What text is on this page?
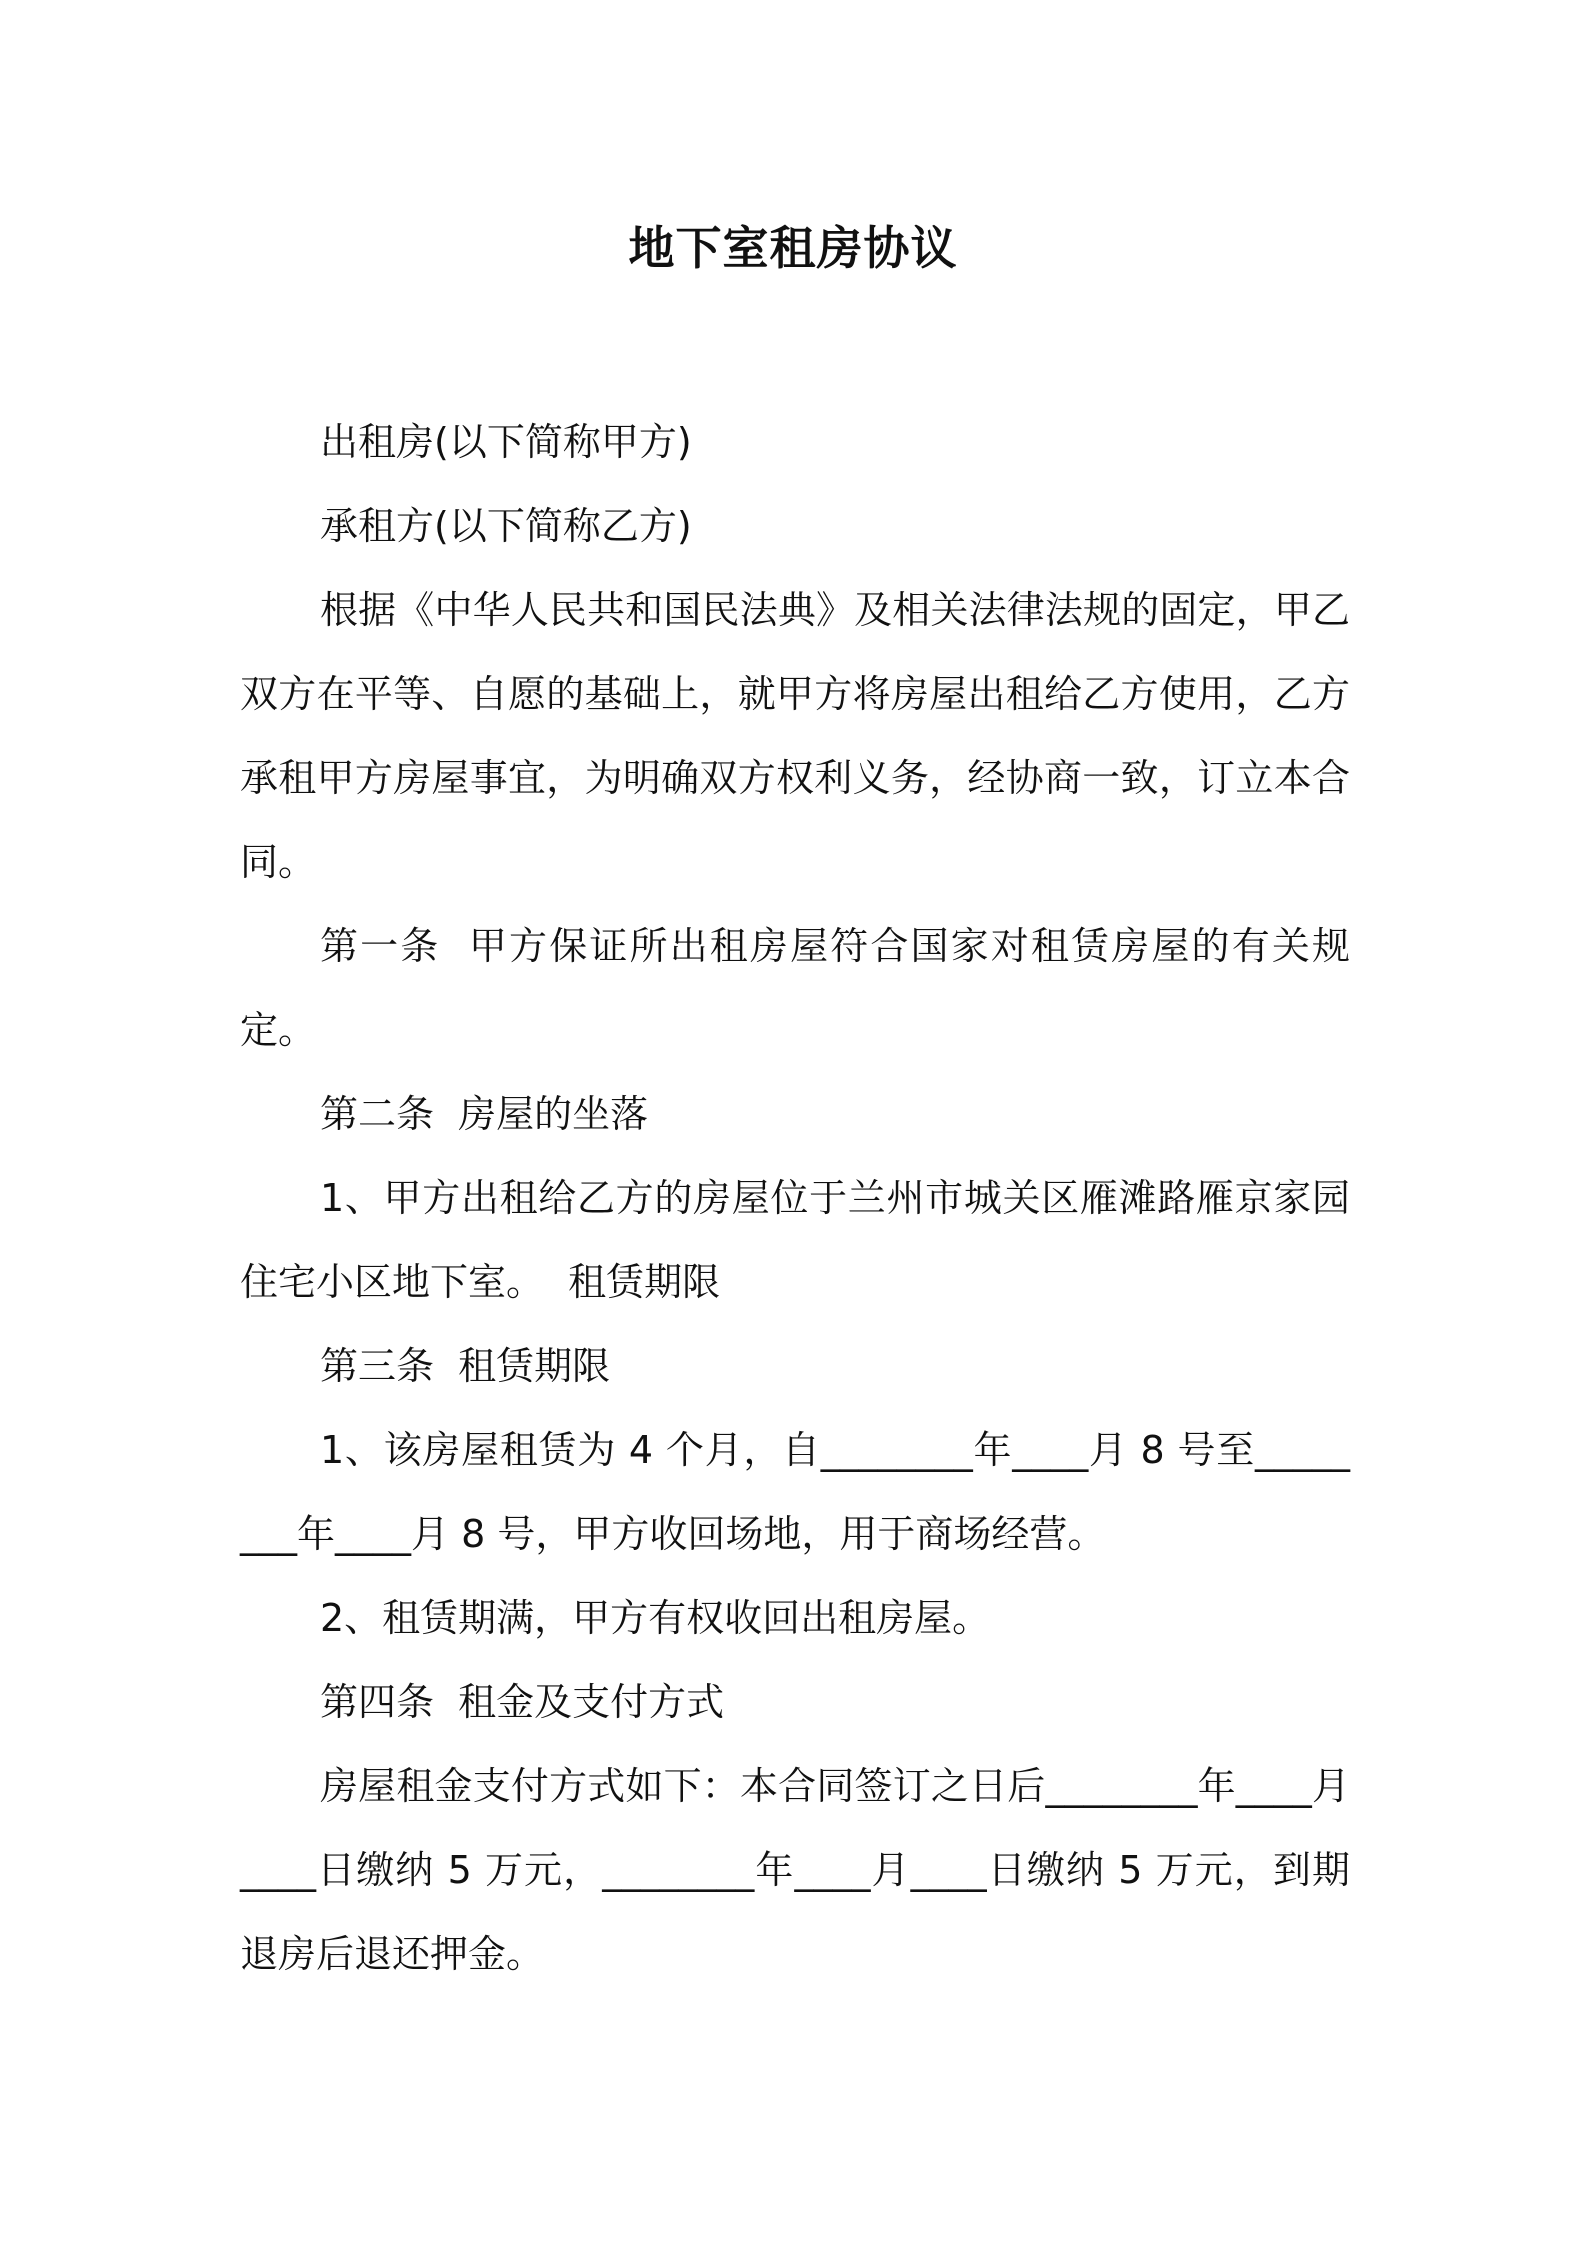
地下室租房协议

出租房(以下简称甲方)

承租方(以下简称乙方)

根据《中华人民共和国民法典》及相关法律法规的固定，甲乙双方在平等、自愿的基础上，就甲方将房屋出租给乙方使用，乙方承租甲方房屋事宜，为明确双方权利义务，经协商一致，订立本合同。

第一条  甲方保证所出租房屋符合国家对租赁房屋的有关规定。

第二条  房屋的坐落

1、甲方出租给乙方的房屋位于兰州市城关区雁滩路雁京家园住宅小区地下室。  租赁期限

第三条  租赁期限

1、该房屋租赁为 4 个月，自________年____月 8 号至________年____月 8 号，甲方收回场地，用于商场经营。

2、租赁期满，甲方有权收回出租房屋。

第四条  租金及支付方式

房屋租金支付方式如下：本合同签订之日后________年____月____日缴纳 5 万元，________年____月____日缴纳 5 万元，到期退房后退还押金。
